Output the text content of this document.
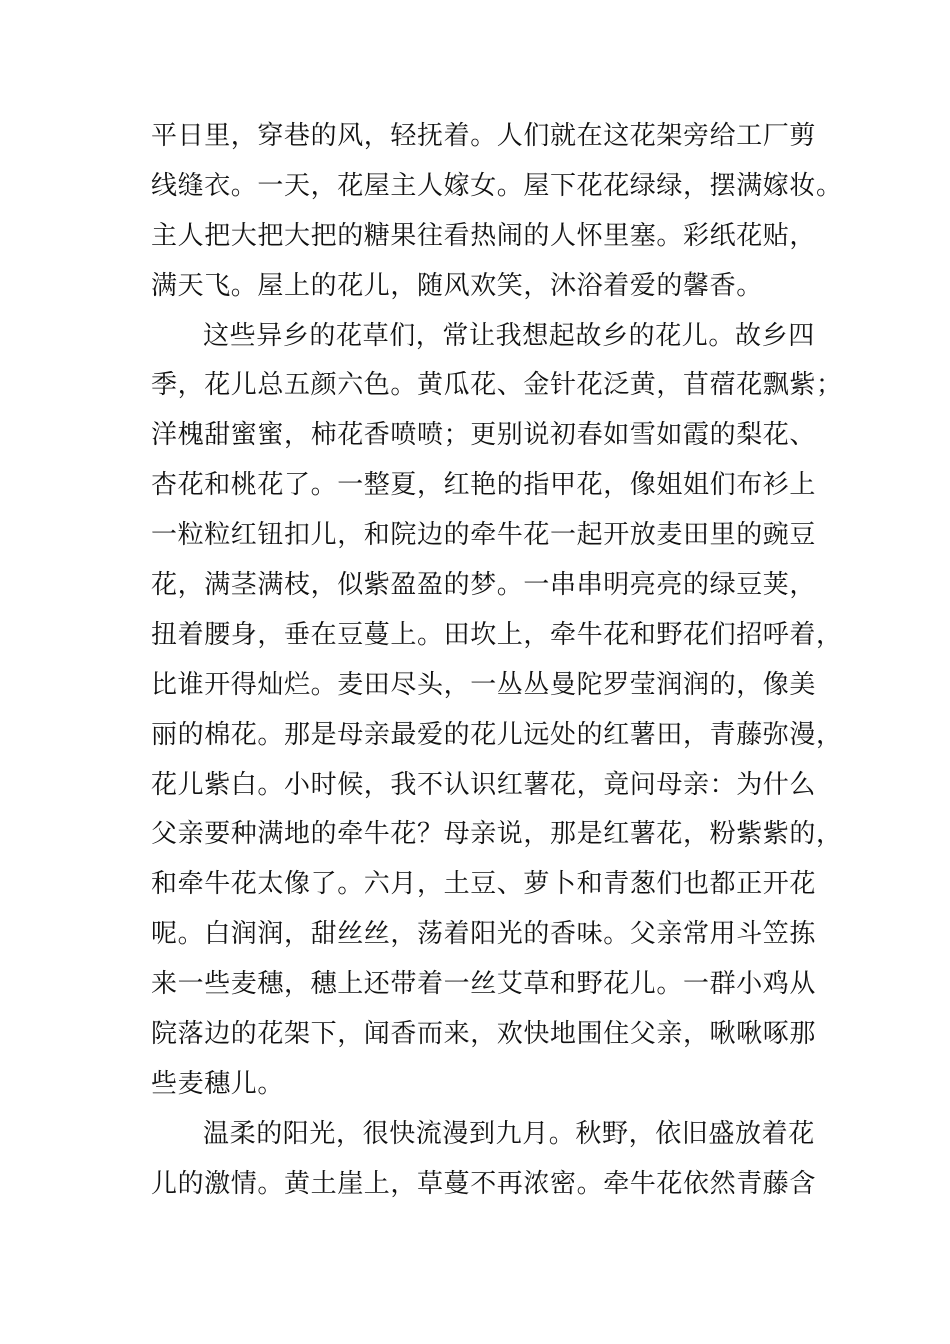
平日里，穿巷的风，轻抚着。人们就在这花架旁给工厂剪
线缝衣。一天，花屋主人嫁女。屋下花花绿绿，摆满嫁妆。
主人把大把大把的糖果往看热闹的人怀里塞。彩纸花贴，
满天飞。屋上的花儿，随风欢笑，沐浴着爱的馨香。
这些异乡的花草们，常让我想起故乡的花儿。故乡四
季，花儿总五颜六色。黄瓜花、金针花泛黄，苜蓿花飘紫；
洋槐甜蜜蜜，柿花香喷喷；更别说初春如雪如霞的梨花、
杏花和桃花了。一整夏，红艳的指甲花，像姐姐们布衫上
一粒粒红钮扣儿，和院边的牵牛花一起开放麦田里的豌豆
花，满茎满枝，似紫盈盈的梦。一串串明亮亮的绿豆荚，
扭着腰身，垂在豆蔓上。田坎上，牵牛花和野花们招呼着，
比谁开得灿烂。麦田尽头，一丛丛曼陀罗莹润润的，像美
丽的棉花。那是母亲最爱的花儿远处的红薯田，青藤弥漫，
花儿紫白。小时候，我不认识红薯花，竟问母亲：为什么
父亲要种满地的牵牛花？母亲说，那是红薯花，粉紫紫的，
和牵牛花太像了。六月，土豆、萝卜和青葱们也都正开花
呢。白润润，甜丝丝，荡着阳光的香味。父亲常用斗笠拣
来一些麦穗，穗上还带着一丝艾草和野花儿。一群小鸡从
院落边的花架下，闻香而来，欢快地围住父亲，啾啾啄那
些麦穗儿。
温柔的阳光，很快流漫到九月。秋野，依旧盛放着花
儿的激情。黄土崖上，草蔓不再浓密。牵牛花依然青藤含
